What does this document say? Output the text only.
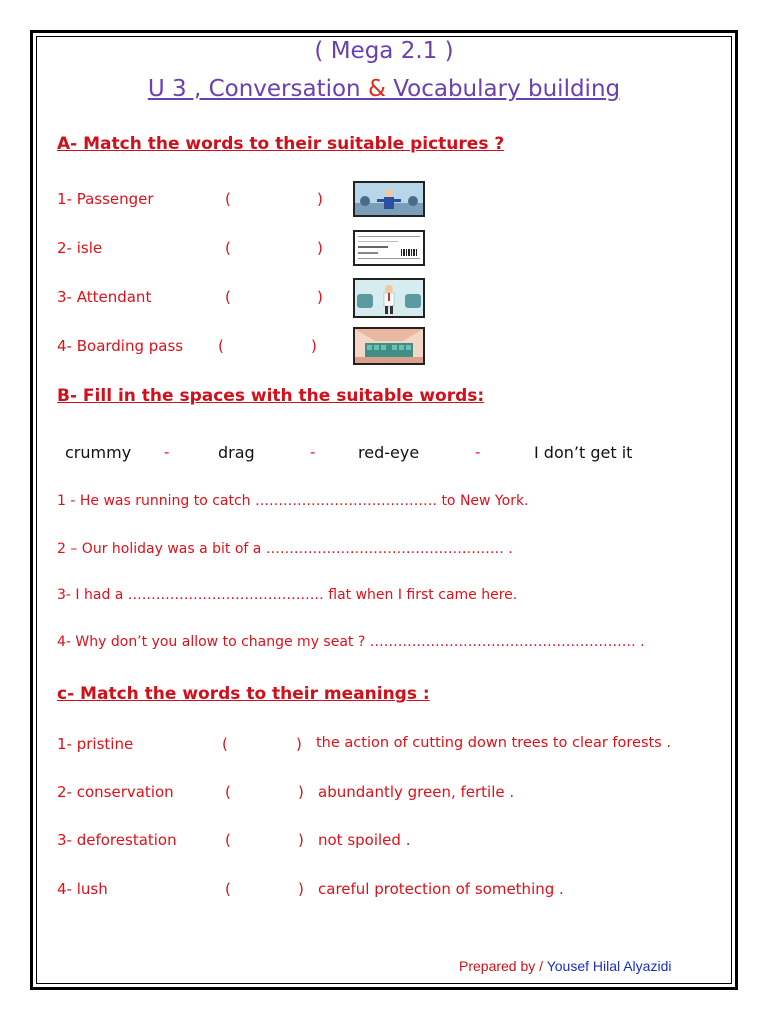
( Mega 2.1 )
U 3 , Conversation & Vocabulary building
A- Match the words to their suitable pictures ?
1- Passenger	(	)
2- isle	(	)
3- Attendant	(	)
4- Boarding pass (	)
B- Fill in the spaces with the suitable words:
crummy -	drag	-	red-eye	-	I don’t get it
1 - He was running to catch ………………………………… to New York.
2 – Our holiday was a bit of a …………………………………………… .
3- I had a …………………………………… flat when I first came here.
4- Why don’t you allow to change my seat ? ………………………………………………… .
c- Match the words to their meanings :
1- pristine	(	) the action of cutting down trees to clear forests .
2- conservation	(	) abundantly green, fertile .
3- deforestation	(	) not spoiled .
4- lush	(	) careful protection of something .
Prepared by / Yousef Hilal Alyazidi
